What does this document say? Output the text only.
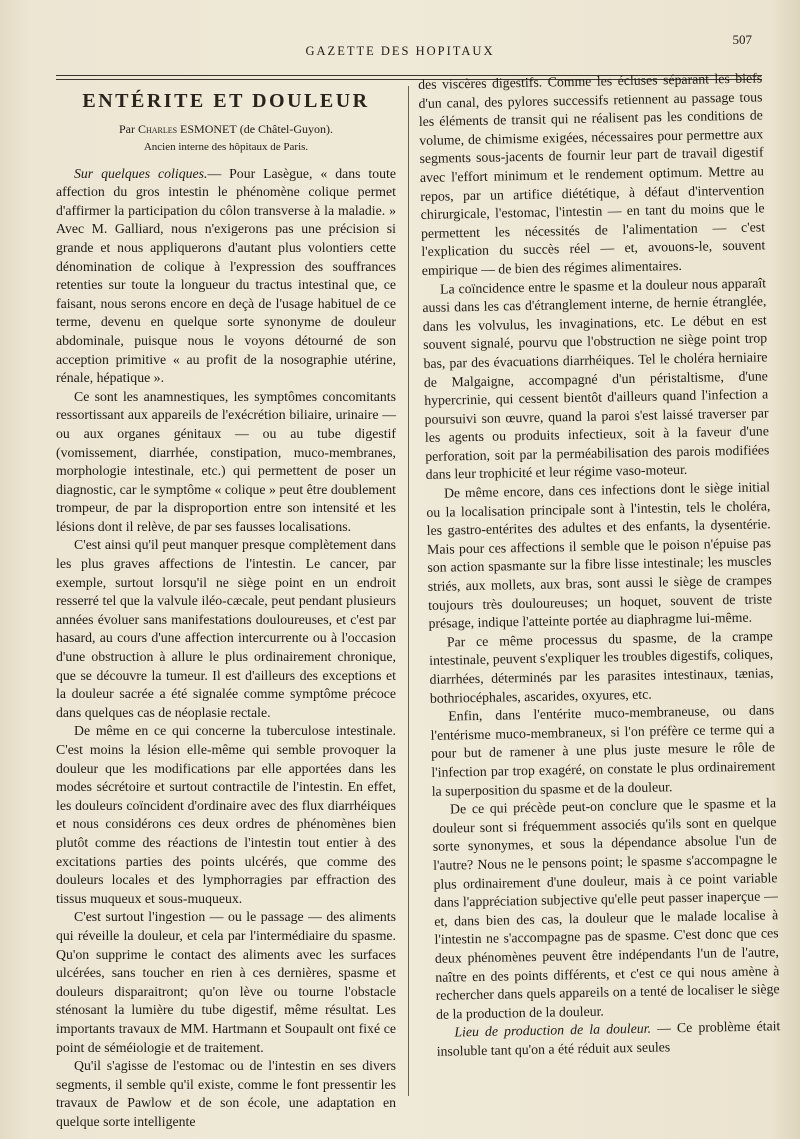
GAZETTE DES HOPITAUX
507
ENTÉRITE ET DOULEUR
Par Charles ESMONET (de Châtel-Guyon).
Ancien interne des hôpitaux de Paris.

Sur quelques coliques.— Pour Lasègue, « dans toute affection du gros intestin le phénomène colique permet d'affirmer la participation du côlon transverse à la maladie. » Avec M. Galliard, nous n'exigerons pas une précision si grande et nous appliquerons d'autant plus volontiers cette dénomination de colique à l'expression des souffrances retenties sur toute la longueur du tractus intestinal que, ce faisant, nous serons encore en deçà de l'usage habituel de ce terme, devenu en quelque sorte synonyme de douleur abdominale, puisque nous le voyons détourné de son acception primitive « au profit de la nosographie utérine, rénale, hépatique ».

Ce sont les anamnestiques, les symptômes concomitants ressortissant aux appareils de l'exécrétion biliaire, urinaire — ou aux organes génitaux — ou au tube digestif (vomissement, diarrhée, constipation, muco-membranes, morphologie intestinale, etc.) qui permettent de poser un diagnostic, car le symptôme « colique » peut être doublement trompeur, de par la disproportion entre son intensité et les lésions dont il relève, de par ses fausses localisations.

C'est ainsi qu'il peut manquer presque complètement dans les plus graves affections de l'intestin. Le cancer, par exemple, surtout lorsqu'il ne siège point en un endroit resserré tel que la valvule iléo-cæcale, peut pendant plusieurs années évoluer sans manifestations douloureuses, et c'est par hasard, au cours d'une affection intercurrente ou à l'occasion d'une obstruction à allure le plus ordinairement chronique, que se découvre la tumeur. Il est d'ailleurs des exceptions et la douleur sacrée a été signalée comme symptôme précoce dans quelques cas de néoplasie rectale.

De même en ce qui concerne la tuberculose intestinale. C'est moins la lésion elle-même qui semble provoquer la douleur que les modifications par elle apportées dans les modes sécrétoire et surtout contractile de l'intestin. En effet, les douleurs coïncident d'ordinaire avec des flux diarrhéiques et nous considérons ces deux ordres de phénomènes bien plutôt comme des réactions de l'intestin tout entier à des excitations parties des points ulcérés, que comme des douleurs locales et des lymphorragies par effraction des tissus muqueux et sous-muqueux.

C'est surtout l'ingestion — ou le passage — des aliments qui réveille la douleur, et cela par l'intermédiaire du spasme. Qu'on supprime le contact des aliments avec les surfaces ulcérées, sans toucher en rien à ces dernières, spasme et douleurs disparaitront; qu'on lève ou tourne l'obstacle sténosant la lumière du tube digestif, même résultat. Les importants travaux de MM. Hartmann et Soupault ont fixé ce point de séméiologie et de traitement.

Qu'il s'agisse de l'estomac ou de l'intestin en ses divers segments, il semble qu'il existe, comme le font pressentir les travaux de Pawlow et de son école, une adaptation en quelque sorte intelligente

des viscères digestifs. Comme les écluses séparant les biefs d'un canal, des pylores successifs retiennent au passage tous les éléments de transit qui ne réalisent pas les conditions de volume, de chimisme exigées, nécessaires pour permettre aux segments sous-jacents de fournir leur part de travail digestif avec l'effort minimum et le rendement optimum. Mettre au repos, par un artifice diététique, à défaut d'intervention chirurgicale, l'estomac, l'intestin — en tant du moins que le permettent les nécessités de l'alimentation — c'est l'explication du succès réel — et, avouons-le, souvent empirique — de bien des régimes alimentaires.

La coïncidence entre le spasme et la douleur nous apparaît aussi dans les cas d'étranglement interne, de hernie étranglée, dans les volvulus, les invaginations, etc. Le début en est souvent signalé, pourvu que l'obstruction ne siège point trop bas, par des évacuations diarrhéiques. Tel le choléra herniaire de Malgaigne, accompagné d'un péristaltisme, d'une hypercrinie, qui cessent bientôt d'ailleurs quand l'infection a poursuivi son œuvre, quand la paroi s'est laissé traverser par les agents ou produits infectieux, soit à la faveur d'une perforation, soit par la perméabilisation des parois modifiées dans leur trophicité et leur régime vaso-moteur.

De même encore, dans ces infections dont le siège initial ou la localisation principale sont à l'intestin, tels le choléra, les gastro-entérites des adultes et des enfants, la dysentérie. Mais pour ces affections il semble que le poison n'épuise pas son action spasmante sur la fibre lisse intestinale; les muscles striés, aux mollets, aux bras, sont aussi le siège de crampes toujours très douloureuses; un hoquet, souvent de triste présage, indique l'atteinte portée au diaphragme lui-même.

Par ce même processus du spasme, de la crampe intestinale, peuvent s'expliquer les troubles digestifs, coliques, diarrhées, déterminés par les parasites intestinaux, tænias, bothriocéphales, ascarides, oxyures, etc.

Enfin, dans l'entérite muco-membraneuse, ou dans l'entérisme muco-membraneux, si l'on préfère ce terme qui a pour but de ramener à une plus juste mesure le rôle de l'infection par trop exagéré, on constate le plus ordinairement la superposition du spasme et de la douleur.

De ce qui précède peut-on conclure que le spasme et la douleur sont si fréquemment associés qu'ils sont en quelque sorte synonymes, et sous la dépendance absolue l'un de l'autre? Nous ne le pensons point; le spasme s'accompagne le plus ordinairement d'une douleur, mais à ce point variable dans l'appréciation subjective qu'elle peut passer inaperçue — et, dans bien des cas, la douleur que le malade localise à l'intestin ne s'accompagne pas de spasme. C'est donc que ces deux phénomènes peuvent être indépendants l'un de l'autre, naître en des points différents, et c'est ce qui nous amène à rechercher dans quels appareils on a tenté de localiser le siège de la production de la douleur.

Lieu de production de la douleur. — Ce problème était insoluble tant qu'on a été réduit aux seules
